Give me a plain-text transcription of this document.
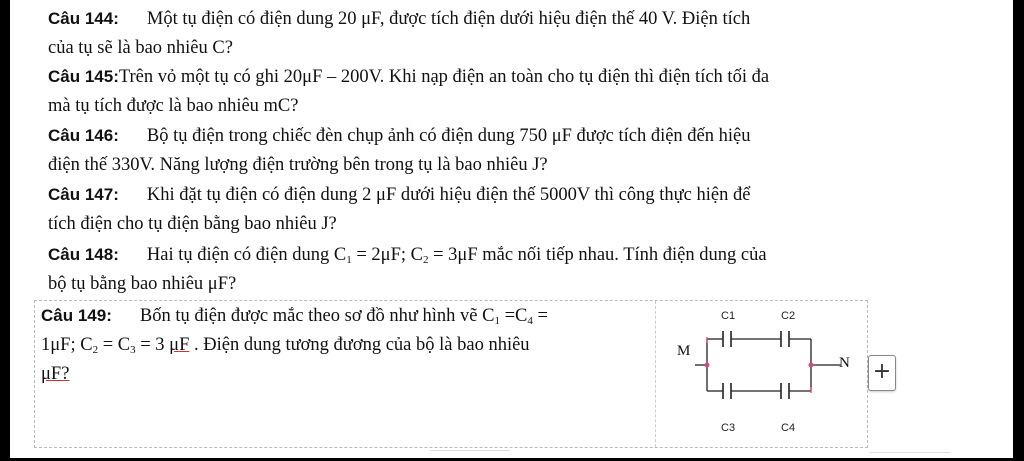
Câu 144: Một tụ điện có điện dung 20 μF, được tích điện dưới hiệu điện thế 40 V. Điện tích
của tụ sẽ là bao nhiêu C?

Câu 145:Trên vỏ một tụ có ghi 20μF – 200V. Khi nạp điện an toàn cho tụ điện thì điện tích tối đa
mà tụ tích được là bao nhiêu mC?

Câu 146: Bộ tụ điện trong chiếc đèn chụp ảnh có điện dung 750 μF được tích điện đến hiệu
điện thế 330V. Năng lượng điện trường bên trong tụ là bao nhiêu J?

Câu 147: Khi đặt tụ điện có điện dung 2 μF dưới hiệu điện thế 5000V thì công thực hiện để
tích điện cho tụ điện bằng bao nhiêu J?

Câu 148: Hai tụ điện có điện dung $C_1 = 2\mu F$; $C_2 = 3\mu F$ mắc nối tiếp nhau. Tính điện dung của
bộ tụ bằng bao nhiêu μF?

Câu 149: Bốn tụ điện được mắc theo sơ đồ như hình vẽ $C_1 =C_4$ =
1μF; $C_2 = C_3 = 3$ μF . Điện dung tương đương của bộ là bao nhiêu
μF?

C1	C2
C3	C4
M
N +
